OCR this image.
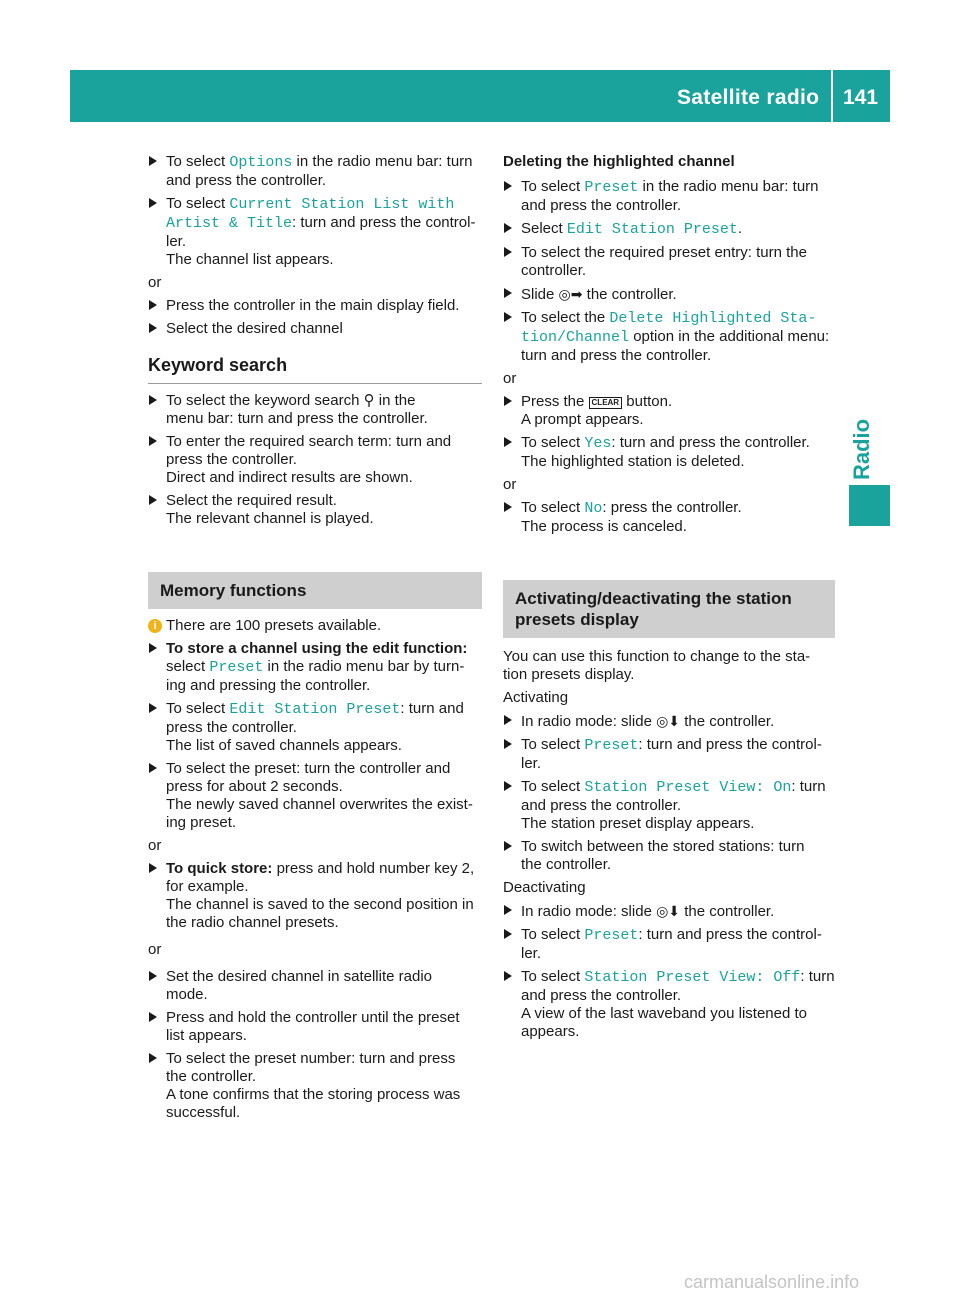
Satellite radio 141
Radio
To select Options in the radio menu bar: turn
and press the controller.
To select Current Station List with
Artist & Title: turn and press the control-
ler.
The channel list appears.
or
Press the controller in the main display field.
Select the desired channel
Keyword search
To select the keyword search ⚲ in the
menu bar: turn and press the controller.
To enter the required search term: turn and
press the controller.
Direct and indirect results are shown.
Select the required result.
The relevant channel is played.
Memory functions
i There are 100 presets available.
To store a channel using the edit function:
select Preset in the radio menu bar by turn-
ing and pressing the controller.
To select Edit Station Preset: turn and
press the controller.
The list of saved channels appears.
To select the preset: turn the controller and
press for about 2 seconds.
The newly saved channel overwrites the exist-
ing preset.
or
To quick store: press and hold number key 2,
for example.
The channel is saved to the second position in
the radio channel presets.
or
Set the desired channel in satellite radio
mode.
Press and hold the controller until the preset
list appears.
To select the preset number: turn and press
the controller.
A tone confirms that the storing process was
successful.
Deleting the highlighted channel
To select Preset in the radio menu bar: turn
and press the controller.
Select Edit Station Preset.
To select the required preset entry: turn the
controller.
Slide ◎➡ the controller.
To select the Delete Highlighted Sta‐
tion/Channel option in the additional menu:
turn and press the controller.
or
Press the CLEAR button.
A prompt appears.
To select Yes: turn and press the controller.
The highlighted station is deleted.
or
To select No: press the controller.
The process is canceled.
Activating/deactivating the station
presets display
You can use this function to change to the sta-
tion presets display.
Activating
In radio mode: slide ◎⬇ the controller.
To select Preset: turn and press the control-
ler.
To select Station Preset View: On: turn
and press the controller.
The station preset display appears.
To switch between the stored stations: turn
the controller.
Deactivating
In radio mode: slide ◎⬇ the controller.
To select Preset: turn and press the control-
ler.
To select Station Preset View: Off: turn
and press the controller.
A view of the last waveband you listened to
appears.
carmanualsonline.info
